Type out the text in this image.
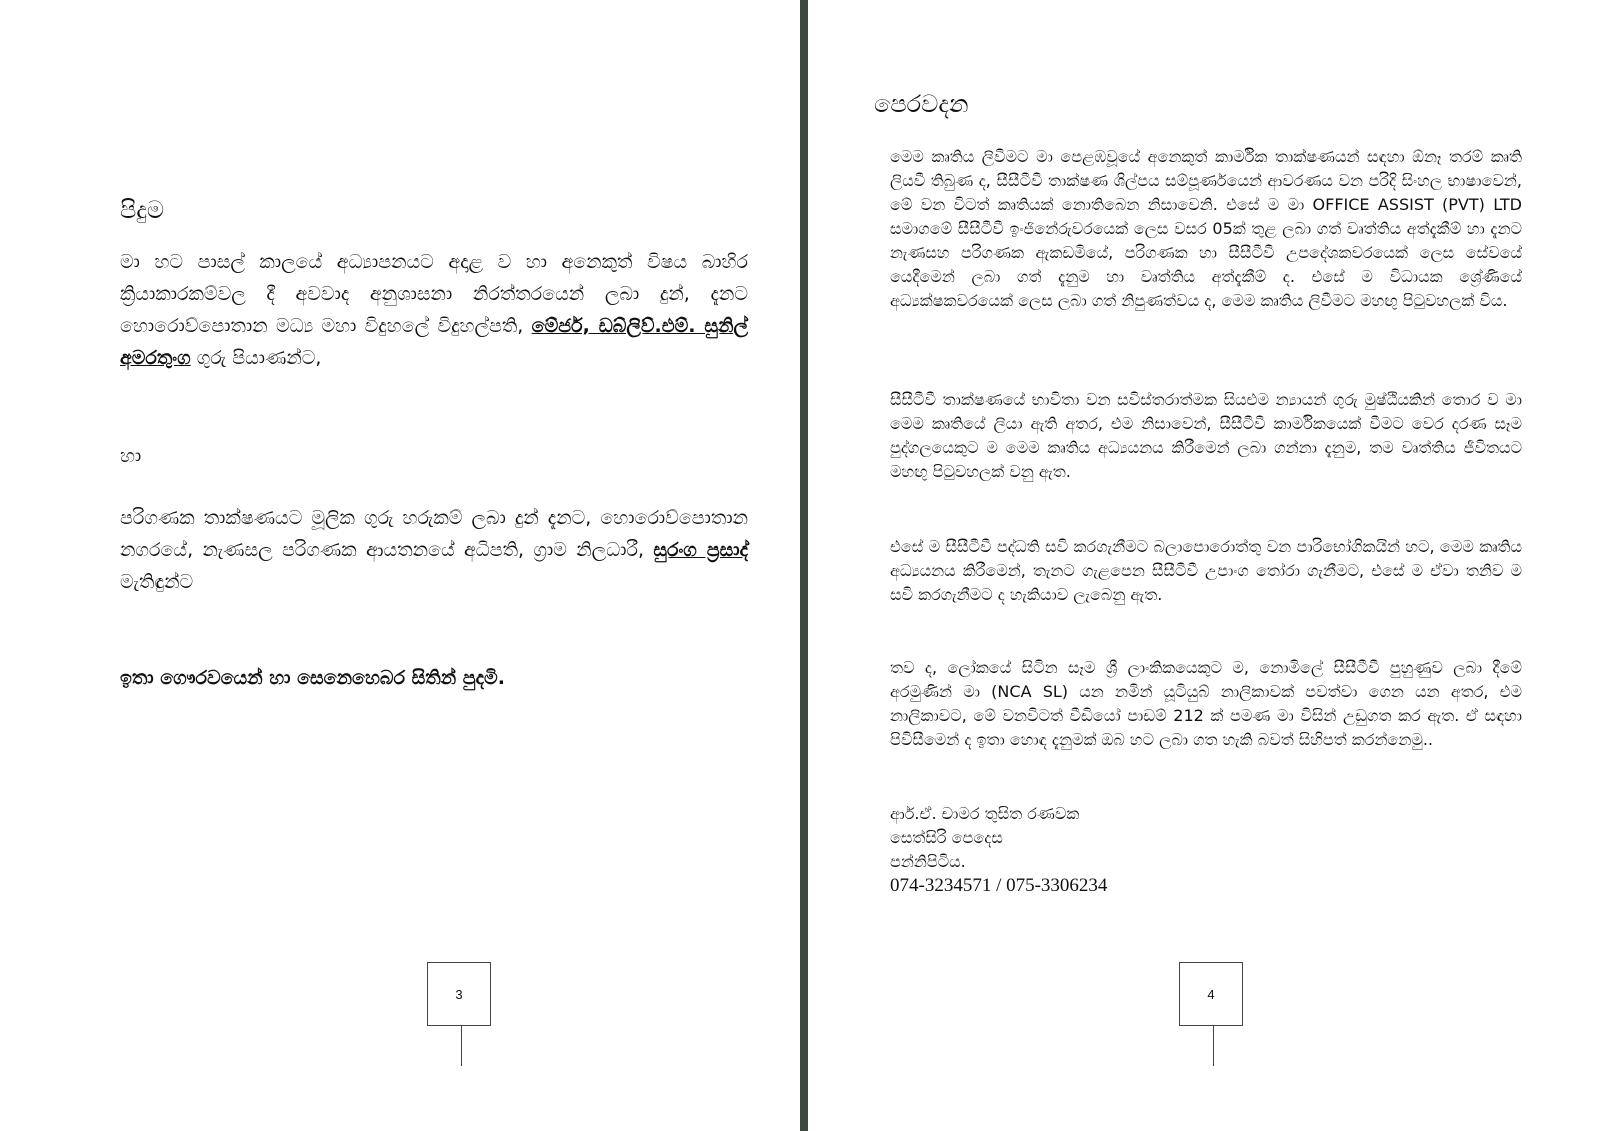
පිදුම

මා හට පාසල් කාලයේ අධ්‍යාපනයට අදාළ ව හා අනෙකුත් විෂය බාහිර ක්‍රියාකාරකම්වල දී අවවාද අනුශාසනා නිරත්තරයෙන් ලබා දුන්, දැනට හොරොව්පොතාන මධ්‍ය මහා විදුහලේ විදුහල්පති, මේජර්, ඩබ්ලිව්.එම්. සුනිල් අමරතුංග ගුරු පියාණන්ට,

හා

පරිගණක තාක්ෂණයට මූලික ගුරු හරුකම් ලබා දුන් දැනට, හොරොව්පොතාන නගරයේ, නැණසල පරිගණක ආයතනයේ අධිපති, ග්‍රාම නිලධාරී, සුරංග ප්‍රසාද් මැතිඳුන්ට

ඉතා ගෞරවයෙන් හා සෙනෙහෙබර සිතින් පුදමි.

3
පෙරවදන

මෙම කෘතිය ලිවීමට මා පෙළඹවූයේ අනෙකුත් කාර්මික තාක්ෂණයන් සඳහා ඕනෑ තරම් කෘති ලියවී තිබුණ ද, සීසීටීවී තාක්ෂණ ශිල්පය සම්පූර්ණයෙන් ආවරණය වන පරිදි සිංහල භාෂාවෙන්, මේ වන විටත් කෘතියක් නොතිබෙන නිසාවෙනි. එසේ ම මා OFFICE ASSIST (PVT) LTD සමාගමේ සීසීටීවී ඉංජිනේරුවරයෙක් ලෙස වසර 05ක් තුළ ලබා ගත් වෘත්තිය අත්දැකීම් හා දැනට නැණසහ පරිගණක ඇකඩමියේ, පරිගණක හා සීසීටීවී උපදේශකවරයෙක් ලෙස සේවයේ යෙදීමෙන් ලබා ගත් දැනුම හා වෘත්තිය අත්දැකීම් ද. එසේ ම විධායක ශ්‍රේණියේ අධ්‍යක්ෂකවරයෙක් ලෙස ලබා ගත් නිපුණත්වය ද, මෙම කෘතිය ලිවීමට මහඟු පිටුවහලක් විය.

සීසීටීවී තාක්ෂණයේ භාවිතා වන සවිස්තරාත්මක සියළුම න්‍යායන් ගුරු මුෂ්ඨියකින් තොර ව මා මෙම කෘතියේ ලියා ඇති අතර, එම නිසාවෙන්, සීසීටීවී කාර්මිකයෙක් වීමට වෙර දරණ සෑම පුද්ගලයෙකුට ම මෙම කෘතිය අධ්‍යයනය කිරීමෙන් ලබා ගන්නා දැනුම, තම වෘත්තිය ජීවිතයට මහඟු පිටුවහලක් වනු ඇත.

එසේ ම සීසීටීවී පද්ධති සවි කරගැනීමට බලාපොරොත්තු වන පාරිභෝගිකයින් හට, මෙම කෘතිය අධ්‍යයනය කිරීමෙන්, තැනට ගැළපෙන සීසීටීවී උපාංග තෝරා ගැනීමට, එසේ ම ඒවා තනිව ම සවි කරගැනීමට ද හැකියාව ලැබෙනු ඇත.

තව ද, ලෝකයේ සිටින සෑම ශ්‍රී ලාංකිකයෙකුට ම, නොමිලේ සීසීටීවී පුහුණුව ලබා දීමේ අරමුණින් මා (NCA SL) යන නමින් යූටියුබ් නාලිකාවක් පවත්වා ගෙන යන අතර, එම නාලිකාවට, මේ වනවිටත් වීඩියෝ පාඩම් 212 ක් පමණ මා විසින් උඩුගත කර ඇත. ඒ සඳහා පිවිසීමෙන් ද ඉතා හොඳ දැනුමක් ඔබ හට ලබා ගත හැකි බවත් සිහිපත් කරන්නෙමු..

ආර්.ඒ. චාමර තුසිත රණවක
සෙත්සිරි පෙදෙස
පන්නිපිටිය.
074-3234571 / 075-3306234
4
